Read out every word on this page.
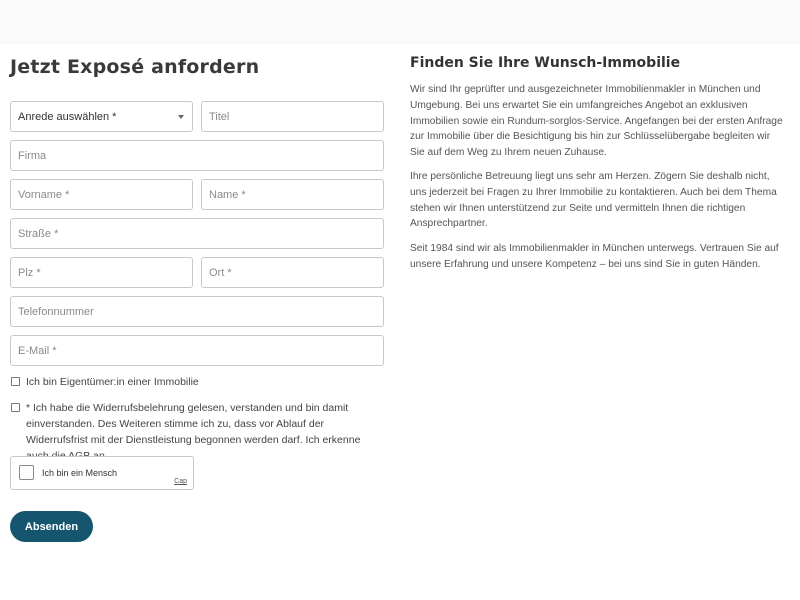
Jetzt Exposé anfordern
Anrede auswählen *	Titel
Firma
Vorname *	Name *
Straße *
Plz *	Ort *
Telefonnummer
E-Mail *
Ich bin Eigentümer:in einer Immobilie
* Ich habe die Widerrufsbelehrung gelesen, verstanden und bin damit einverstanden. Des Weiteren stimme ich zu, dass vor Ablauf der Widerrufsfrist mit der Dienstleistung begonnen werden darf. Ich erkenne
Ich bin ein Mensch
Cap
Absenden
Finden Sie Ihre Wunsch-Immobilie

Wir sind Ihr geprüfter und ausgezeichneter Immobilienmakler in München und Umgebung. Bei uns erwartet Sie ein umfangreiches Angebot an exklusiven Immobilien sowie ein Rundum-sorglos-Service. Angefangen bei der ersten Anfrage zur Immobilie über die Besichtigung bis hin zur Schlüsselübergabe begleiten wir Sie auf dem Weg zu Ihrem neuen Zuhause.

Ihre persönliche Betreuung liegt uns sehr am Herzen. Zögern Sie deshalb nicht, uns jederzeit bei Fragen zu Ihrer Immobilie zu kontaktieren. Auch bei dem Thema stehen wir Ihnen unterstützend zur Seite und vermitteln Ihnen die richtigen Ansprechpartner.

Seit 1984 sind wir als Immobilienmakler in München unterwegs. Vertrauen Sie auf unsere Erfahrung und unsere Kompetenz – bei uns sind Sie in guten Händen.
